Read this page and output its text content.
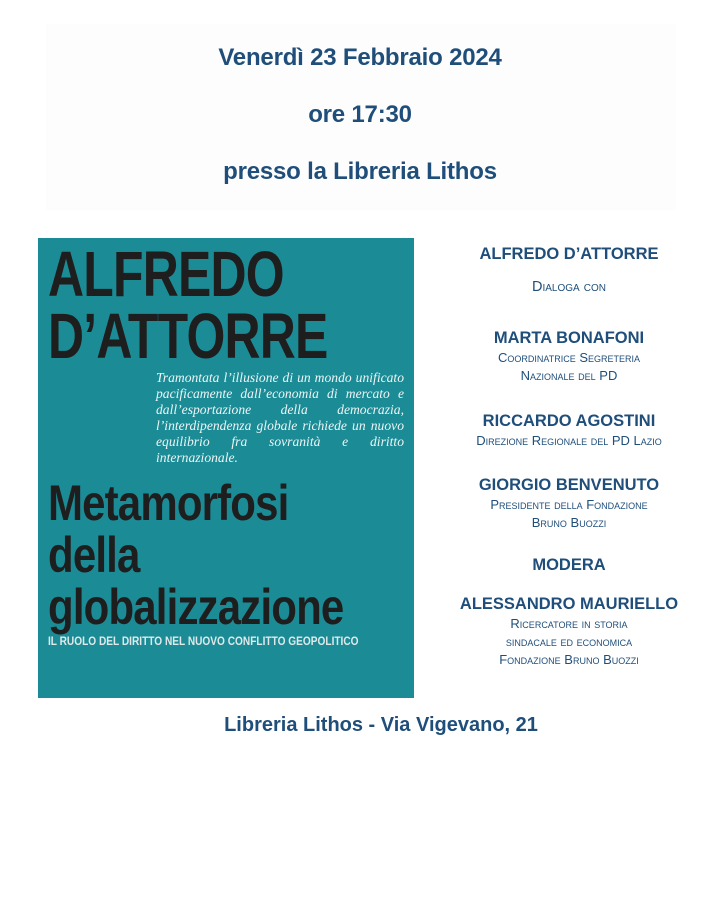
Venerdì 23 Febbraio 2024
ore 17:30
presso la Libreria Lithos
ALFREDO
D’ATTORRE
Tramontata l’illusione di un mondo unificato pacificamente dall’economia di mercato e dall’esportazione della democrazia, l’interdipendenza globale richiede un nuovo equilibrio fra sovranità e diritto internazionale.
Metamorfosi
della
globalizzazione
IL RUOLO DEL DIRITTO NEL NUOVO CONFLITTO GEOPOLITICO
ALFREDO D’ATTORRE
Dialoga con
MARTA BONAFONI
Coordinatrice Segreteria
Nazionale del PD
RICCARDO AGOSTINI
Direzione Regionale del PD Lazio
GIORGIO BENVENUTO
Presidente della Fondazione
Bruno Buozzi
MODERA
ALESSANDRO MAURIELLO
Ricercatore in storia
sindacale ed economica
Fondazione Bruno Buozzi
Libreria Lithos - Via Vigevano, 21
